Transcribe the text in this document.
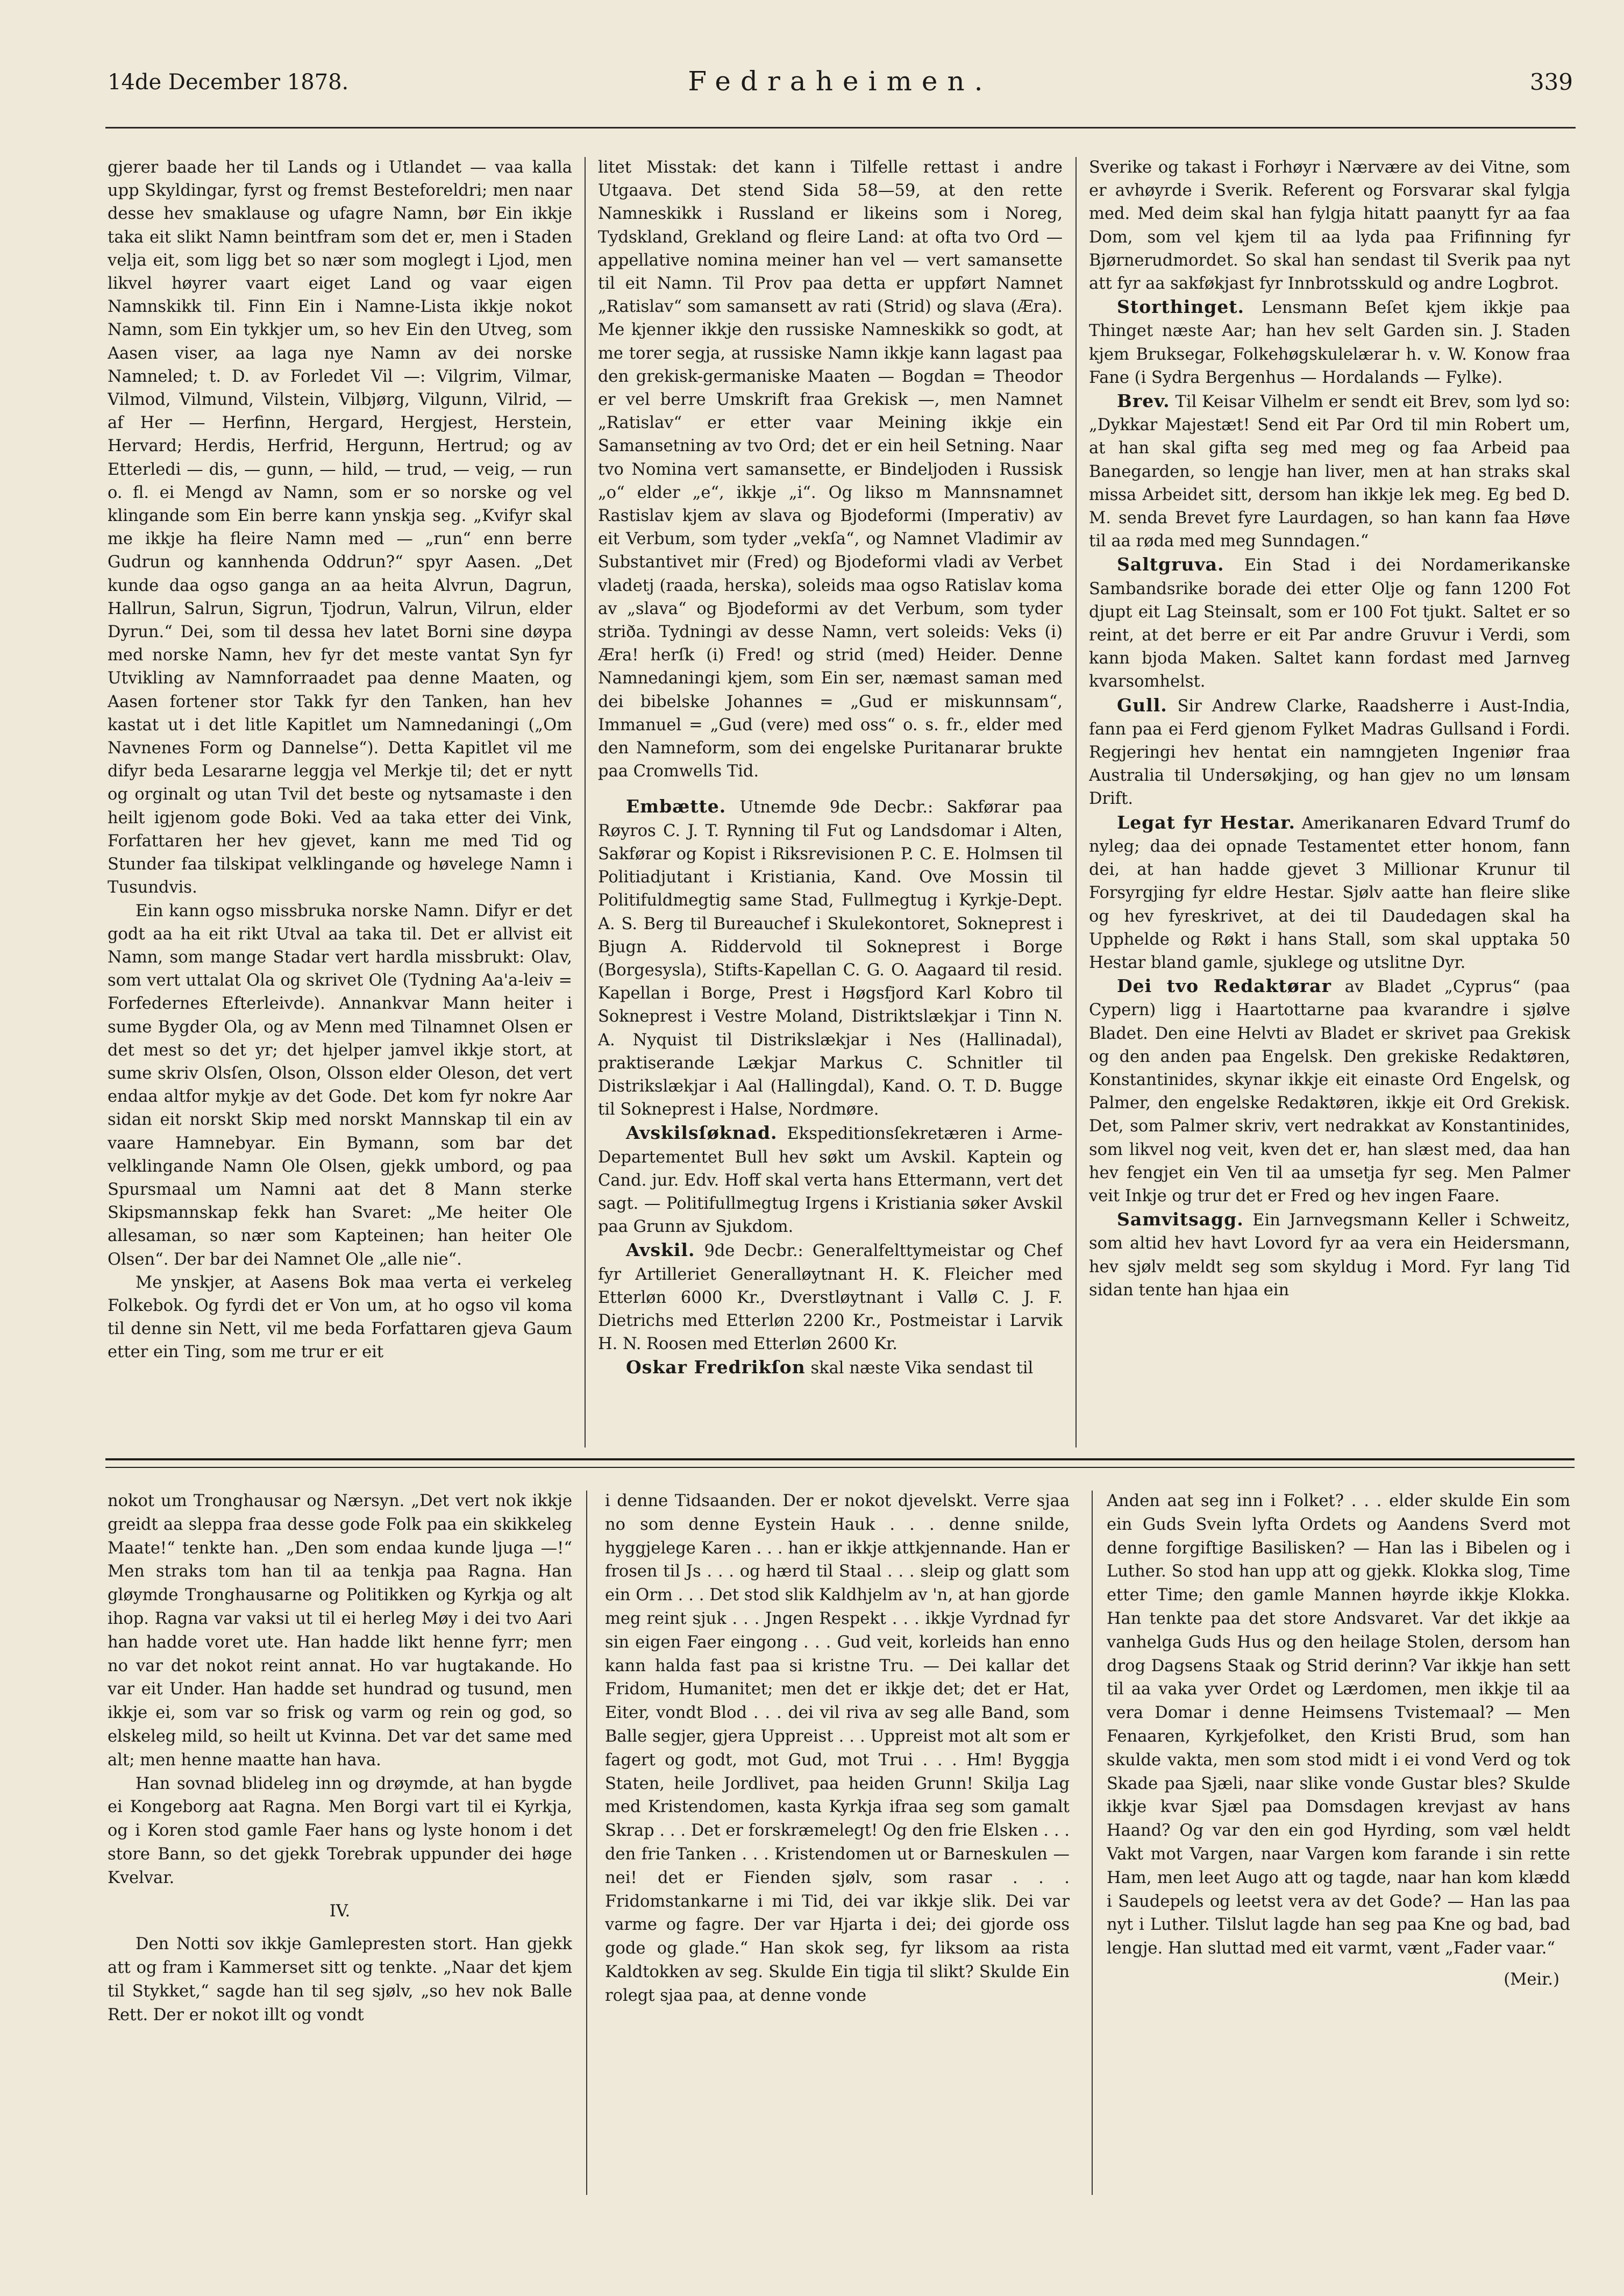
14de December 1878.	Fedraheimen.	339

gjerer baade her til Lands og i Utlandet — vaa kalla upp Skyldingar, fyrst og fremst Besteforeldri; men naar desse hev smaklause og ufagre Namn, bør Ein ikkje taka eit slikt Namn beintfram som det er, men i Staden velja eit, som ligg bet so nær som moglegt i Ljod, men likvel høyrer vaart eiget Land og vaar eigen Namnskikk til. Finn Ein i Namne-Lista ikkje nokot Namn, som Ein tykkjer um, so hev Ein den Utveg, som Aasen viser, aa laga nye Namn av dei norske Namneled; t. D. av Forledet Vil —: Vilgrim, Vilmar, Vilmod, Vilmund, Vilstein, Vilbjørg, Vilgunn, Vilrid, — af Her — Herfinn, Hergard, Hergjest, Herstein, Hervard; Herdis, Herfrid, Hergunn, Hertrud; og av Etterledi — dis, — gunn, — hild, — trud, — veig, — run o. fl. ei Mengd av Namn, som er so norske og vel klingande som Ein berre kann ynskja seg. „Kvifyr skal me ikkje ha fleire Namn med — „run“ enn berre Gudrun og kannhenda Oddrun?“ spyr Aasen. „Det kunde daa ogso ganga an aa heita Alvrun, Dagrun, Hallrun, Salrun, Sigrun, Tjodrun, Valrun, Vilrun, elder Dyrun.“ Dei, som til dessa hev latet Borni sine døypa med norske Namn, hev fyr det meste vantat Syn fyr Utvikling av Namnforraadet paa denne Maaten, og Aasen fortener stor Takk fyr den Tanken, han hev kastat ut i det litle Kapitlet um Namnedaningi („Om Navnenes Form og Dannelse“). Detta Kapitlet vil me difyr beda Lesararne leggja vel Merkje til; det er nytt og orginalt og utan Tvil det beste og nytsamaste i den heilt igjenom gode Boki. Ved aa taka etter dei Vink, Forfattaren her hev gjevet, kann me med Tid og Stunder faa tilskipat velklingande og høvelege Namn i Tusundvis.

Ein kann ogso missbruka norske Namn. Difyr er det godt aa ha eit rikt Utval aa taka til. Det er allvist eit Namn, som mange Stadar vert hardla missbrukt: Olav, som vert uttalat Ola og skrivet Ole (Tydning Aa'a-leiv = Forfedernes Efterleivde). Annankvar Mann heiter i sume Bygder Ola, og av Menn med Tilnamnet Olsen er det mest so det yr; det hjelper jamvel ikkje stort, at sume skriv Olsſen, Olson, Olsson elder Oleson, det vert endaa altfor mykje av det Gode. Det kom fyr nokre Aar sidan eit norskt Skip med norskt Mannskap til ein av vaare Hamnebyar. Ein Bymann, som bar det velklingande Namn Ole Olsen, gjekk umbord, og paa Spursmaal um Namni aat det 8 Mann sterke Skipsmannskap fekk han Svaret: „Me heiter Ole allesaman, so nær som Kapteinen; han heiter Ole Olsen“. Der bar dei Namnet Ole „alle nie“.

Me ynskjer, at Aasens Bok maa verta ei verkeleg Folkebok. Og fyrdi det er Von um, at ho ogso vil koma til denne sin Nett, vil me beda Forfattaren gjeva Gaum etter ein Ting, som me trur er eit

litet Misstak: det kann i Tilfelle rettast i andre Utgaava. Det stend Sida 58—59, at den rette Namneskikk i Russland er likeins som i Noreg, Tydskland, Grekland og fleire Land: at ofta tvo Ord — appellative nomina meiner han vel — vert samansette til eit Namn. Til Prov paa detta er uppført Namnet „Ratislav“ som samansett av rati (Strid) og slava (Æra). Me kjenner ikkje den russiske Namneskikk so godt, at me torer segja, at russiske Namn ikkje kann lagast paa den grekisk-germaniske Maaten — Bogdan = Theodor er vel berre Umskrift fraa Grekisk —, men Namnet „Ratislav“ er etter vaar Meining ikkje ein Samansetning av tvo Ord; det er ein heil Setning. Naar tvo Nomina vert samansette, er Bindeljoden i Russisk „o“ elder „e“, ikkje „i“. Og likso m Mannsnamnet Rastislav kjem av slava og Bjodeformi (Imperativ) av eit Verbum, som tyder „vekſa“, og Namnet Vladimir av Substantivet mir (Fred) og Bjodeformi vladi av Verbet vladetj (raada, herska), soleids maa ogso Ratislav koma av „slava“ og Bjodeformi av det Verbum, som tyder striða. Tydningi av desse Namn, vert soleids: Veks (i) Æra! herſk (i) Fred! og strid (med) Heider. Denne Namnedaningi kjem, som Ein ser, næmast saman med dei bibelske Johannes = „Gud er miskunnsam“, Immanuel = „Gud (vere) med oss“ o. s. fr., elder med den Namneform, som dei engelske Puritanarar brukte paa Cromwells Tid.

Embætte. Utnemde 9de Decbr.: Sakførar paa Røyros C. J. T. Rynning til Fut og Landsdomar i Alten, Sakførar og Kopist i Riksrevisionen P. C. E. Holmsen til Politiadjutant i Kristiania, Kand. Ove Mossin til Politifuldmegtig same Stad, Fullmegtug i Kyrkje-Dept. A. S. Berg til Bureauchef i Skulekontoret, Sokneprest i Bjugn A. Riddervold til Sokneprest i Borge (Borgesysla), Stifts-Kapellan C. G. O. Aagaard til resid. Kapellan i Borge, Prest i Høgsfjord Karl Kobro til Sokneprest i Vestre Moland, Distriktslækjar i Tinn N. A. Nyquist til Distrikslækjar i Nes (Hallinadal), praktiserande Lækjar Markus C. Schnitler til Distrikslækjar i Aal (Hallingdal), Kand. O. T. D. Bugge til Sokneprest i Halse, Nordmøre.

Avskilsſøknad. Ekspeditionsſekretæren i Arme-Departementet Bull hev søkt um Avskil. Kaptein og Cand. jur. Edv. Hoff skal verta hans Ettermann, vert det sagt. — Politifullmegtug Irgens i Kristiania søker Avskil paa Grunn av Sjukdom.

Avskil. 9de Decbr.: Generalfelttymeistar og Chef fyr Artilleriet Generalløytnant H. K. Fleicher med Etterløn 6000 Kr., Dverstløytnant i Vallø C. J. F. Dietrichs med Etterløn 2200 Kr., Postmeistar i Larvik H. N. Roosen med Etterløn 2600 Kr.

Oskar Fredrikſon skal næste Vika sendast til

Sverike og takast i Forhøyr i Nærvære av dei Vitne, som er avhøyrde i Sverik. Referent og Forsvarar skal fylgja med. Med deim skal han fylgja hitatt paanytt fyr aa faa Dom, som vel kjem til aa lyda paa Frifinning fyr Bjørnerudmordet. So skal han sendast til Sverik paa nyt att fyr aa sakføkjast fyr Innbrotsskuld og andre Logbrot.

Storthinget. Lensmann Beſet kjem ikkje paa Thinget næste Aar; han hev selt Garden sin. J. Staden kjem Bruksegar, Folkehøgskulelærar h. v. W. Konow fraa Fane (i Sydra Bergenhus — Hordalands — Fylke).

Brev. Til Keisar Vilhelm er sendt eit Brev, som lyd so: „Dykkar Majestæt! Send eit Par Ord til min Robert um, at han skal gifta seg med meg og faa Arbeid paa Banegarden, so lengje han liver, men at han straks skal missa Arbeidet sitt, dersom han ikkje lek meg. Eg bed D. M. senda Brevet fyre Laurdagen, so han kann faa Høve til aa røda med meg Sunndagen.“

Saltgruva. Ein Stad i dei Nordamerikanske Sambandsrike borade dei etter Olje og fann 1200 Fot djupt eit Lag Steinsalt, som er 100 Fot tjukt. Saltet er so reint, at det berre er eit Par andre Gruvur i Verdi, som kann bjoda Maken. Saltet kann fordast med Jarnveg kvarsomhelst.

Gull. Sir Andrew Clarke, Raadsherre i Aust-India, fann paa ei Ferd gjenom Fylket Madras Gullsand i Fordi. Regjeringi hev hentat ein namngjeten Ingeniør fraa Australia til Undersøkjing, og han gjev no um lønsam Drift.

Legat fyr Hestar. Amerikanaren Edvard Trumf do nyleg; daa dei opnade Testamentet etter honom, fann dei, at han hadde gjevet 3 Millionar Krunur til Forsyrgjing fyr eldre Hestar. Sjølv aatte han fleire slike og hev fyreskrivet, at dei til Daudedagen skal ha Upphelde og Røkt i hans Stall, som skal upptaka 50 Hestar bland gamle, sjuklege og utslitne Dyr.

Dei tvo Redaktørar av Bladet „Cyprus“ (paa Cypern) ligg i Haartottarne paa kvarandre i sjølve Bladet. Den eine Helvti av Bladet er skrivet paa Grekisk og den anden paa Engelsk. Den grekiske Redaktøren, Konstantinides, skynar ikkje eit einaste Ord Engelsk, og Palmer, den engelske Redaktøren, ikkje eit Ord Grekisk. Det, som Palmer skriv, vert nedrakkat av Konstantinides, som likvel nog veit, kven det er, han slæst med, daa han hev fengjet ein Ven til aa umsetja fyr seg. Men Palmer veit Inkje og trur det er Fred og hev ingen Faare.

Samvitsagg. Ein Jarnvegsmann Keller i Schweitz, som altid hev havt Lovord fyr aa vera ein Heidersmann, hev sjølv meldt seg som skyldug i Mord. Fyr lang Tid sidan tente han hjaa ein

nokot um Tronghausar og Nærsyn. „Det vert nok ikkje greidt aa sleppa fraa desse gode Folk paa ein skikkeleg Maate!“ tenkte han. „Den som endaa kunde ljuga —!“ Men straks tom han til aa tenkja paa Ragna. Han gløymde Tronghausarne og Politikken og Kyrkja og alt ihop. Ragna var vaksi ut til ei herleg Møy i dei tvo Aari han hadde voret ute. Han hadde likt henne fyrr; men no var det nokot reint annat. Ho var hugtakande. Ho var eit Under. Han hadde set hundrad og tusund, men ikkje ei, som var so frisk og varm og rein og god, so elskeleg mild, so heilt ut Kvinna. Det var det same med alt; men henne maatte han hava.

Han sovnad blideleg inn og drøymde, at han bygde ei Kongeborg aat Ragna. Men Borgi vart til ei Kyrkja, og i Koren stod gamle Faer hans og lyste honom i det store Bann, so det gjekk Torebrak uppunder dei høge Kvelvar.

IV.

Den Notti sov ikkje Gamlepresten stort. Han gjekk att og fram i Kammerset sitt og tenkte. „Naar det kjem til Stykket,“ sagde han til seg sjølv, „so hev nok Balle Rett. Der er nokot illt og vondt

i denne Tidsaanden. Der er nokot djevelskt. Verre sjaa no som denne Eystein Hauk . . . denne snilde, hyggjelege Karen . . . han er ikkje attkjennande. Han er frosen til Js . . . og hærd til Staal . . . sleip og glatt som ein Orm . . . Det stod slik Kaldhjelm av 'n, at han gjorde meg reint sjuk . . . Jngen Respekt . . . ikkje Vyrdnad fyr sin eigen Faer eingong . . . Gud veit, korleids han enno kann halda fast paa si kristne Tru. — Dei kallar det Fridom, Humanitet; men det er ikkje det; det er Hat, Eiter, vondt Blod . . . dei vil riva av seg alle Band, som Balle segjer, gjera Uppreist . . . Uppreist mot alt som er fagert og godt, mot Gud, mot Trui . . . Hm! Byggja Staten, heile Jordlivet, paa heiden Grunn! Skilja Lag med Kristendomen, kasta Kyrkja ifraa seg som gamalt Skrap . . . Det er forskræmelegt! Og den frie Elsken . . . den frie Tanken . . . Kristendomen ut or Barneskulen — nei! det er Fienden sjølv, som rasar . . . Fridomstankarne i mi Tid, dei var ikkje slik. Dei var varme og fagre. Der var Hjarta i dei; dei gjorde oss gode og glade.“ Han skok seg, fyr liksom aa rista Kaldtokken av seg. Skulde Ein tigja til slikt? Skulde Ein rolegt sjaa paa, at denne vonde

Anden aat seg inn i Folket? . . . elder skulde Ein som ein Guds Svein lyfta Ordets og Aandens Sverd mot denne forgiftige Basilisken? — Han las i Bibelen og i Luther. So stod han upp att og gjekk. Klokka slog, Time etter Time; den gamle Mannen høyrde ikkje Klokka. Han tenkte paa det store Andsvaret. Var det ikkje aa vanhelga Guds Hus og den heilage Stolen, dersom han drog Dagsens Staak og Strid derinn? Var ikkje han sett til aa vaka yver Ordet og Lærdomen, men ikkje til aa vera Domar i denne Heimsens Tvistemaal? — Men Fenaaren, Kyrkjefolket, den Kristi Brud, som han skulde vakta, men som stod midt i ei vond Verd og tok Skade paa Sjæli, naar slike vonde Gustar bles? Skulde ikkje kvar Sjæl paa Domsdagen krevjast av hans Haand? Og var den ein god Hyrding, som væl heldt Vakt mot Vargen, naar Vargen kom farande i sin rette Ham, men leet Augo att og tagde, naar han kom klædd i Saudepels og leetst vera av det Gode? — Han las paa nyt i Luther. Tilslut lagde han seg paa Kne og bad, bad lengje. Han sluttad med eit varmt, vænt „Fader vaar.“

(Meir.)
